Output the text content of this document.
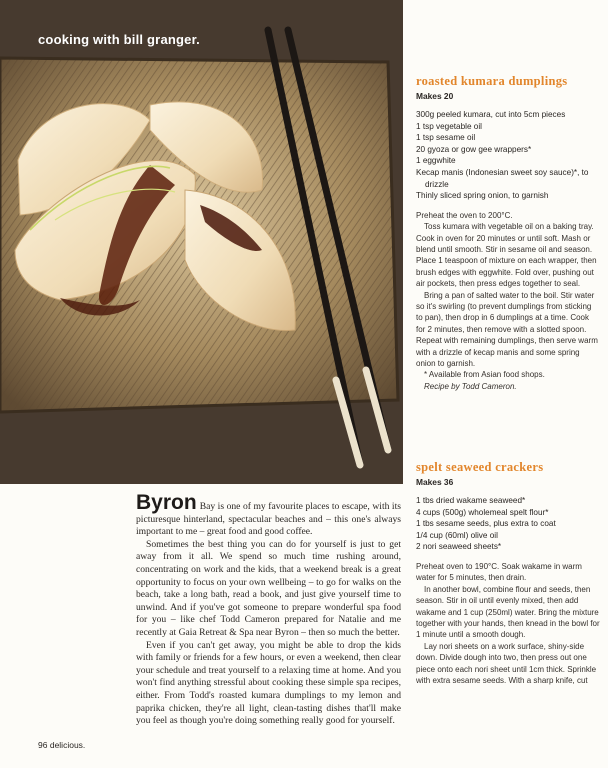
cooking with bill granger.

Byron Bay is one of my favourite places to escape, with its picturesque hinterland, spectacular beaches and – this one's always important to me – great food and good coffee.

Sometimes the best thing you can do for yourself is just to get away from it all. We spend so much time rushing around, concentrating on work and the kids, that a weekend break is a great opportunity to focus on your own wellbeing – to go for walks on the beach, take a long bath, read a book, and just give yourself time to unwind. And if you've got someone to prepare wonderful spa food for you – like chef Todd Cameron prepared for Natalie and me recently at Gaia Retreat & Spa near Byron – then so much the better.

Even if you can't get away, you might be able to drop the kids with family or friends for a few hours, or even a weekend, then clear your schedule and treat yourself to a relaxing time at home. And you won't find anything stressful about cooking these simple spa recipes, either. From Todd's roasted kumara dumplings to my lemon and paprika chicken, they're all light, clean-tasting dishes that'll make you feel as though you're doing something really good for yourself.

roasted kumara dumplings
Makes 20
300g peeled kumara, cut into 5cm pieces
1 tsp vegetable oil
1 tsp sesame oil
20 gyoza or gow gee wrappers*
1 eggwhite
Kecap manis (Indonesian sweet soy sauce)*, to drizzle
Thinly sliced spring onion, to garnish

Preheat the oven to 200°C.

Toss kumara with vegetable oil on a baking tray. Cook in oven for 20 minutes or until soft. Mash or blend until smooth. Stir in sesame oil and season. Place 1 teaspoon of mixture on each wrapper, then brush edges with eggwhite. Fold over, pushing out air pockets, then press edges together to seal.

Bring a pan of salted water to the boil. Stir water so it's swirling (to prevent dumplings from sticking to pan), then drop in 6 dumplings at a time. Cook for 2 minutes, then remove with a slotted spoon. Repeat with remaining dumplings, then serve warm with a drizzle of kecap manis and some spring onion to garnish.

* Available from Asian food shops.

Recipe by Todd Cameron.

spelt seaweed crackers
Makes 36
1 tbs dried wakame seaweed*
4 cups (500g) wholemeal spelt flour*
1 tbs sesame seeds, plus extra to coat
1/4 cup (60ml) olive oil
2 nori seaweed sheets*

Preheat oven to 190°C. Soak wakame in warm water for 5 minutes, then drain.

In another bowl, combine flour and seeds, then season. Stir in oil until evenly mixed, then add wakame and 1 cup (250ml) water. Bring the mixture together with your hands, then knead in the bowl for 1 minute until a smooth dough.

Lay nori sheets on a work surface, shiny-side down. Divide dough into two, then press out one piece onto each nori sheet until 1cm thick. Sprinkle with extra sesame seeds. With a sharp knife, cut

96 delicious.
